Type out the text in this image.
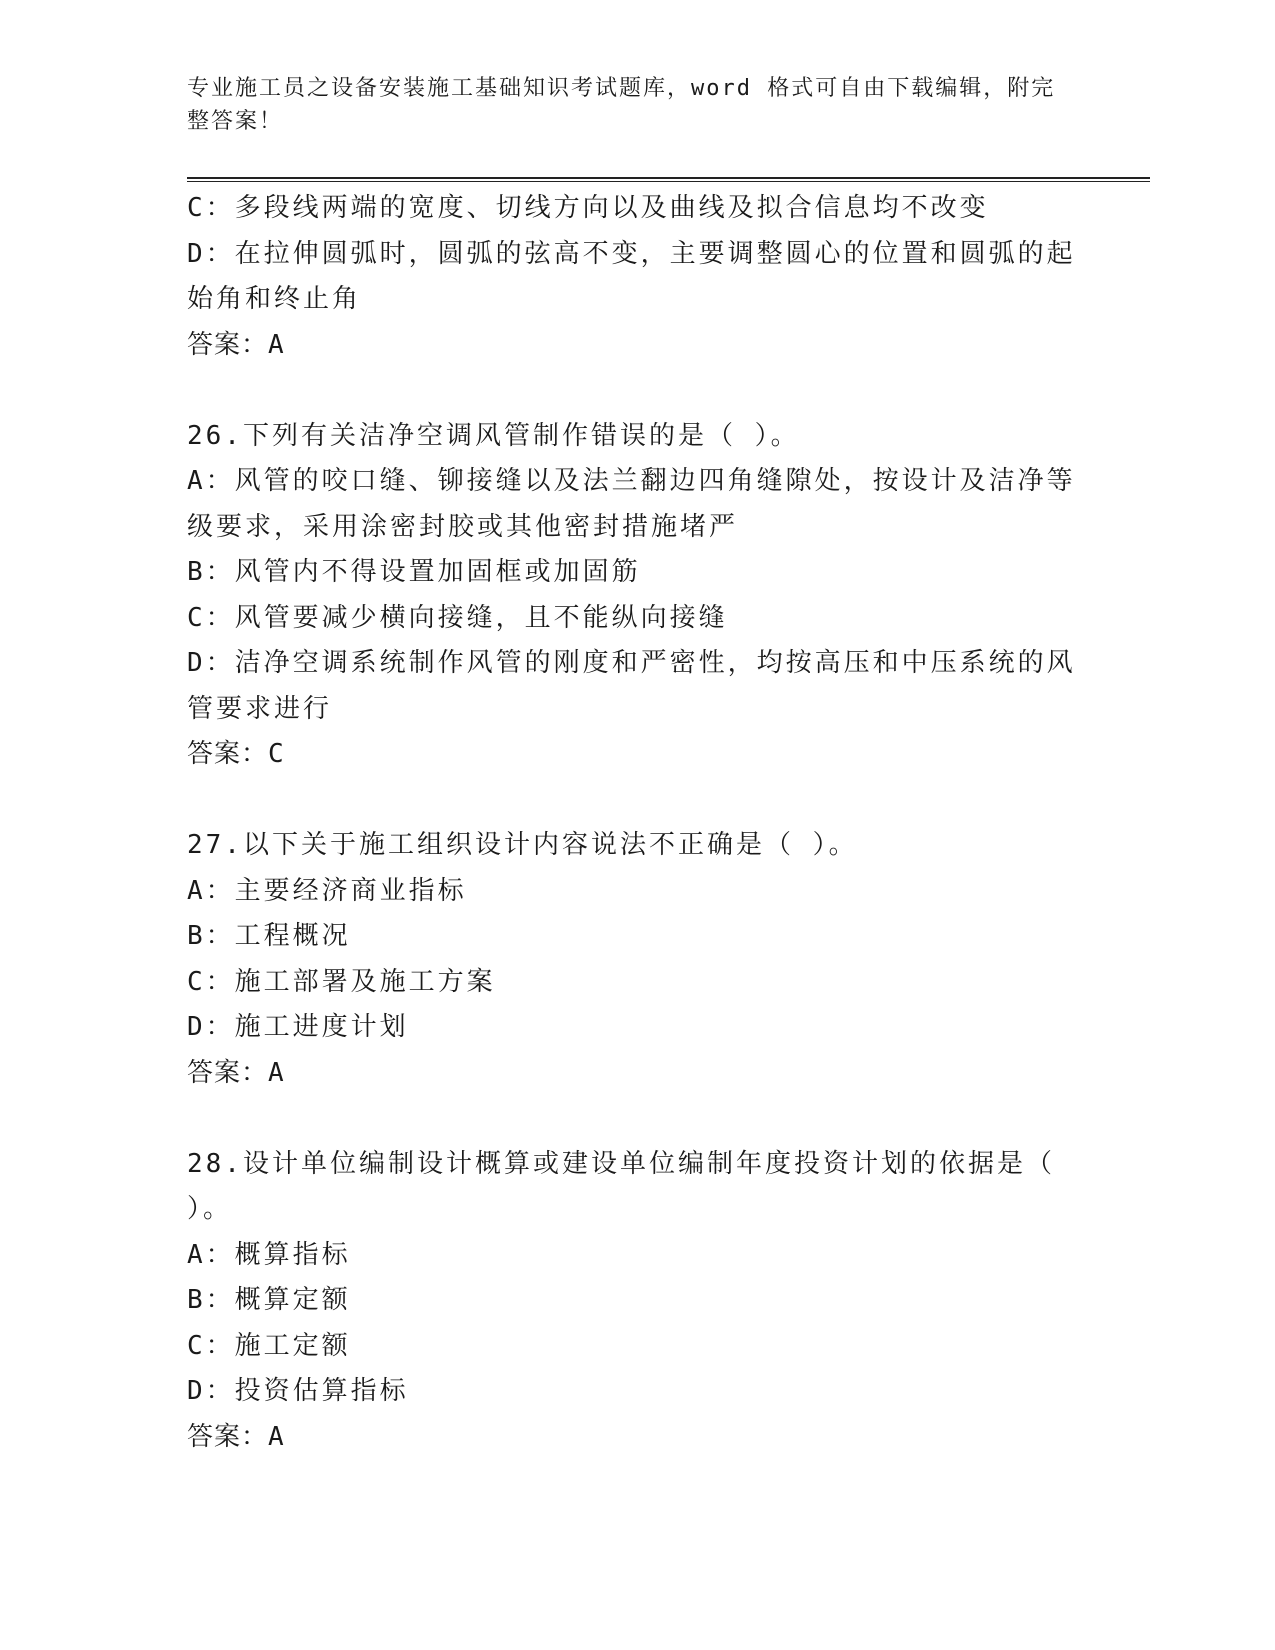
专业施工员之设备安装施工基础知识考试题库，word 格式可自由下载编辑，附完
整答案！
C：多段线两端的宽度、切线方向以及曲线及拟合信息均不改变
D：在拉伸圆弧时，圆弧的弦高不变，主要调整圆心的位置和圆弧的起
始角和终止角
答案：A
26.下列有关洁净空调风管制作错误的是（ ）。
A：风管的咬口缝、铆接缝以及法兰翻边四角缝隙处，按设计及洁净等
级要求，采用涂密封胶或其他密封措施堵严
B：风管内不得设置加固框或加固筋
C：风管要减少横向接缝，且不能纵向接缝
D：洁净空调系统制作风管的刚度和严密性，均按高压和中压系统的风
管要求进行
答案：C
27.以下关于施工组织设计内容说法不正确是（ ）。
A：主要经济商业指标
B：工程概况
C：施工部署及施工方案
D：施工进度计划
答案：A
28.设计单位编制设计概算或建设单位编制年度投资计划的依据是（
）。
A：概算指标
B：概算定额
C：施工定额
D：投资估算指标
答案：A
